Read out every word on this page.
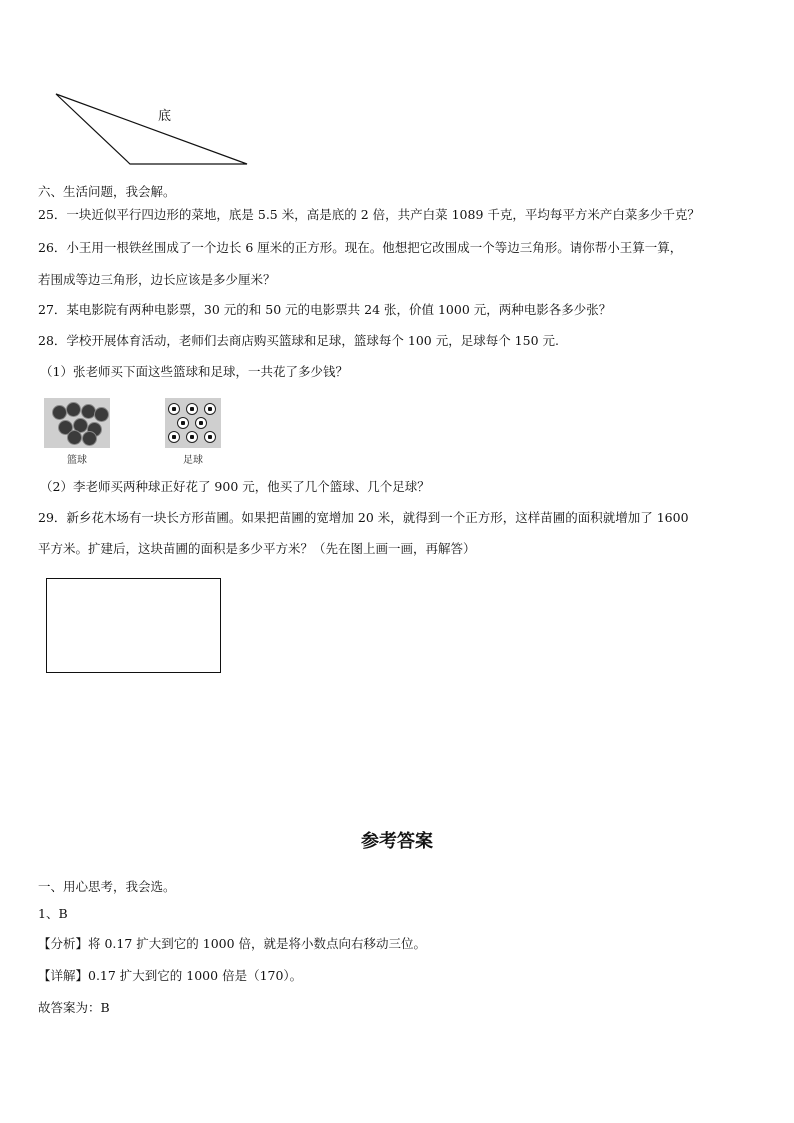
底
六、生活问题，我会解。
25．一块近似平行四边形的菜地，底是 5.5 米，高是底的 2 倍，共产白菜 1089 千克，平均每平方米产白菜多少千克？
26．小王用一根铁丝围成了一个边长 6 厘米的正方形。现在。他想把它改围成一个等边三角形。请你帮小王算一算，
若围成等边三角形，边长应该是多少厘米？
27．某电影院有两种电影票，30 元的和 50 元的电影票共 24 张，价值 1000 元，两种电影各多少张？
28．学校开展体育活动，老师们去商店购买篮球和足球，篮球每个 100 元，足球每个 150 元.
（1）张老师买下面这些篮球和足球，一共花了多少钱？
篮球	足球
（2）李老师买两种球正好花了 900 元，他买了几个篮球、几个足球？
29．新乡花木场有一块长方形苗圃。如果把苗圃的宽增加 20 米，就得到一个正方形，这样苗圃的面积就增加了 1600
平方米。扩建后，这块苗圃的面积是多少平方米？（先在图上画一画，再解答）
参考答案
一、用心思考，我会选。
1、B
【分析】将 0.17 扩大到它的 1000 倍，就是将小数点向右移动三位。
【详解】0.17 扩大到它的 1000 倍是（170）。
故答案为：B
